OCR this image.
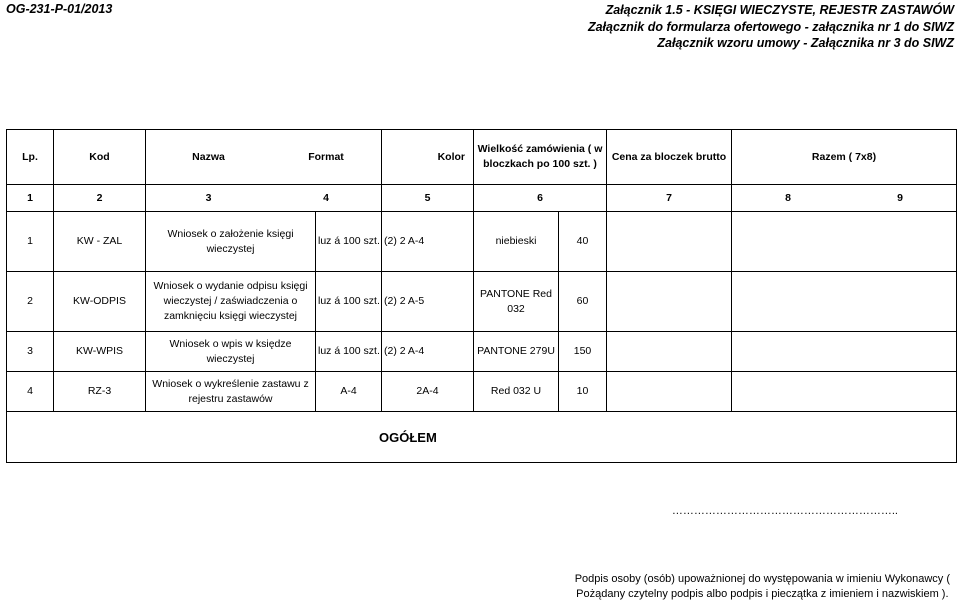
OG-231-P-01/2013	Załącznik 1.5 - KSIĘGI WIECZYSTE, REJESTR ZASTAWÓW
Załącznik do formularza ofertowego - załącznika nr 1 do SIWZ
Załącznik wzoru umowy - Załącznika nr 3 do SIWZ
Lp.	Kod	Nazwa Format		Kolor	Wielkość zamówienia ( w bloczkach po 100 szt. )		Cena za bloczek brutto	Razem ( 7x8)
1	2	3 4		5	6		7	8 9

1	KW - ZAL	Wniosek o założenie księgi wieczystej	luz á 100 szt.	(2) 2 A-4	niebieski	40		
2	KW-ODPIS	Wniosek o wydanie odpisu księgi wieczystej / zaświadczenia o zamknięciu księgi wieczystej	luz á 100 szt.	(2) 2 A-5	PANTONE Red 032	60		
3	KW-WPIS	Wniosek o wpis w księdze wieczystej	luz á 100 szt.	(2) 2 A-4	PANTONE 279U	150		
4	RZ-3	Wniosek o wykreślenie zastawu z rejestru zastawów	A-4	2A-4	Red 032 U	10		
OGÓŁEM								
……………………………………………………..
Podpis osoby (osób) upoważnionej do występowania w imieniu Wykonawcy (
Pożądany czytelny podpis albo podpis i pieczątka z imieniem i nazwiskiem ).
